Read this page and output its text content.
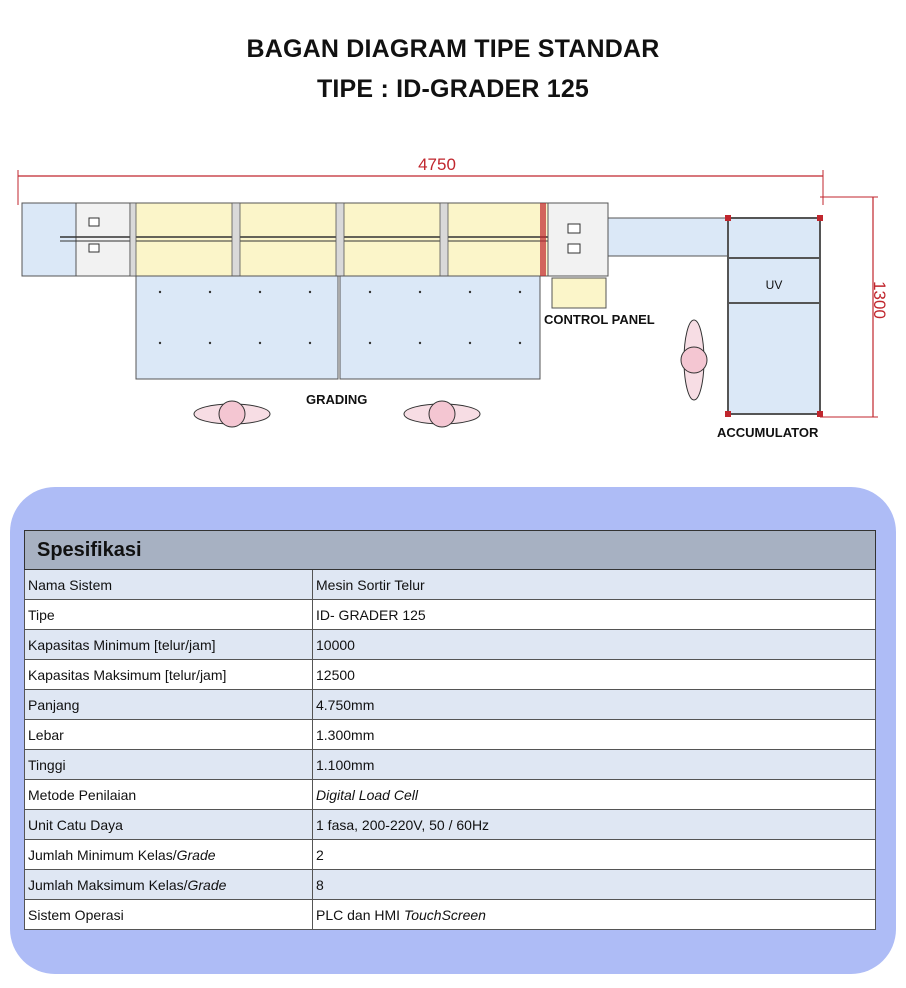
BAGAN DIAGRAM TIPE STANDAR
TIPE : ID-GRADER 125
4750
1300
CONTROL PANEL
UV
ACCUMULATOR
GRADING
Spesifikasi	
Nama Sistem	Mesin Sortir Telur
Tipe	ID- GRADER 125
Kapasitas Minimum [telur/jam]	10000
Kapasitas Maksimum [telur/jam]	12500
Panjang	4.750mm
Lebar	1.300mm
Tinggi	1.100mm
Metode Penilaian	Digital Load Cell
Unit Catu Daya	1 fasa, 200-220V, 50 / 60Hz
Jumlah Minimum Kelas/Grade	2
Jumlah Maksimum Kelas/Grade	8
Sistem Operasi	PLC dan HMI TouchScreen
